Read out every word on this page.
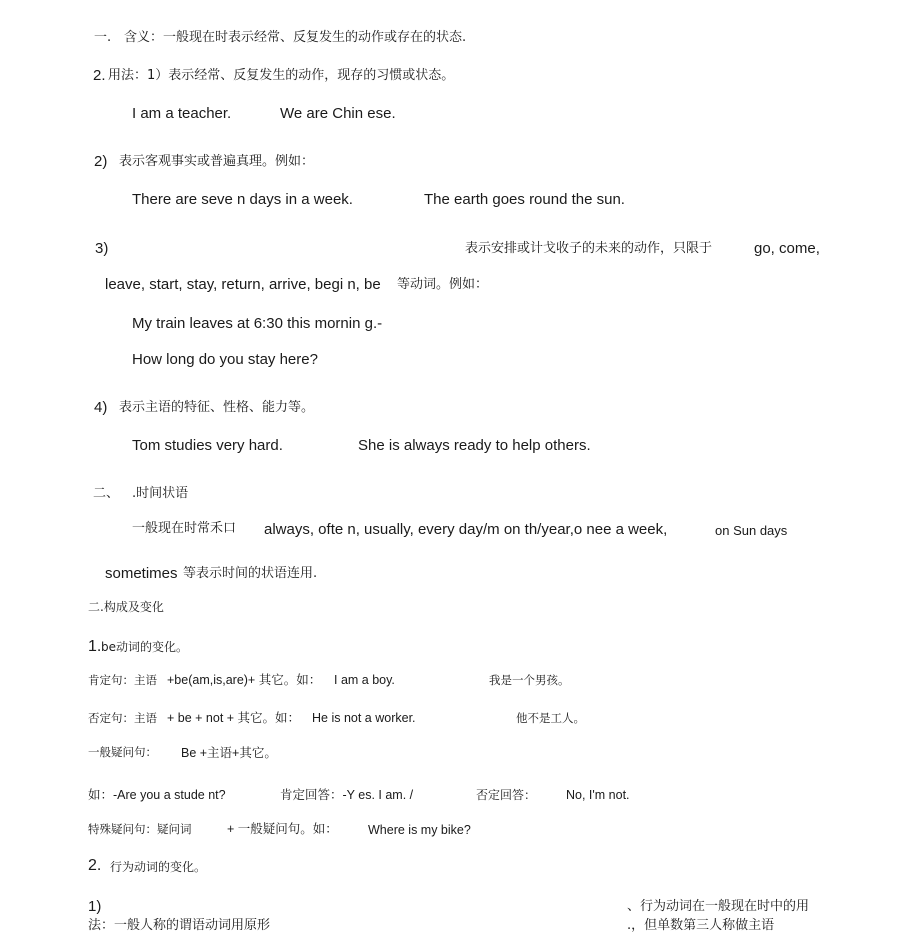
一. 含义：一般现在时表示经常、反复发生的动作或存在的状态.
2. 用法：1）表示经常、反复发生的动作，现存的习惯或状态。
I am a teacher.	We are Chin ese.
2) 表示客观事实或普遍真理。例如：
There are seve n days in a week.	The earth goes round the sun.
3)	表示安排或计戈收子的未来的动作，只限于	go, come,
leave, start, stay, return, arrive, begi n, be 等动词。例如：
My train leaves at 6:30 this mornin g.-
How long do you stay here?
4) 表示主语的特征、性格、能力等。
Tom studies very hard.	She is always ready to help others.
二、 .时间状语
一般现在时常禾口 always, ofte n, usually, every day/m on th/year,o nee a week,	on Sun days
sometimes 等表示时间的状语连用.
二.构成及变化
1. be动词的变化。
肯定句：主语 +be(am,is,are)+ 其它。如： I am a boy.	我是一个男孩。
否定句：主语 + be + not + 其它。如： He is not a worker.	他不是工人。
一般疑问句： Be +主语+其它。
如：-Are you a stude nt?	肯定回答：-Y es. I am. /	否定回答： No, I'm not.
特殊疑问句：疑问词	+ 一般疑问句。如： Where is my bike?
2. 行为动词的变化。
1)	、行为动词在一般现在时中的用
法：一般人称的谓语动词用原形	.，但单数第三人称做主语
